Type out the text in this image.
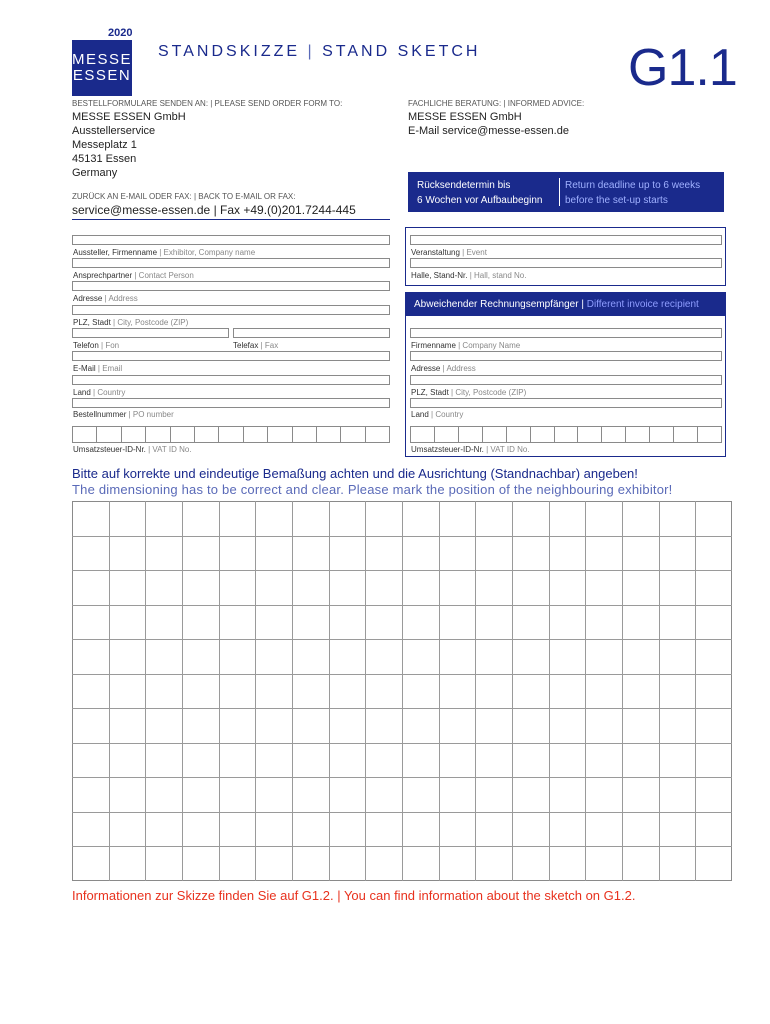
2020
MESSE
ESSEN
STANDSKIZZE | STAND SKETCH	G1.1
BESTELLFORMULARE SENDEN AN: | PLEASE SEND ORDER FORM TO:
MESSE ESSEN GmbH
Ausstellerservice
Messeplatz 1
45131 Essen
Germany
FACHLICHE BERATUNG: | INFORMED ADVICE:
MESSE ESSEN GmbH
E-Mail service@messe-essen.de
ZURÜCK AN E-MAIL ODER FAX: | BACK TO E-MAIL OR FAX:
service@messe-essen.de | Fax +49.(0)201.7244-445
Rücksendetermin bis
6 Wochen vor Aufbaubeginn
Return deadline up to 6 weeks
before the set-up starts
Aussteller, Firmenname | Exhibitor, Company name
Ansprechpartner | Contact Person
Adresse | Address
PLZ, Stadt | City, Postcode (ZIP)
Telefon | Fon	Telefax | Fax
E-Mail | Email
Land | Country
Bestellnummer | PO number
Umsatzsteuer-ID-Nr. | VAT ID No.
Veranstaltung | Event
Halle, Stand-Nr. | Hall, stand No.
Abweichender Rechnungsempfänger | Different invoice recipient
Firmenname | Company Name
Adresse | Address
PLZ, Stadt | City, Postcode (ZIP)
Land | Country
Umsatzsteuer-ID-Nr. | VAT ID No.
Bitte auf korrekte und eindeutige Bemaßung achten und die Ausrichtung (Standnachbar) angeben!
The dimensioning has to be correct and clear. Please mark the position of the neighbouring exhibitor!
Informationen zur Skizze finden Sie auf G1.2. | You can find information about the sketch on G1.2.
